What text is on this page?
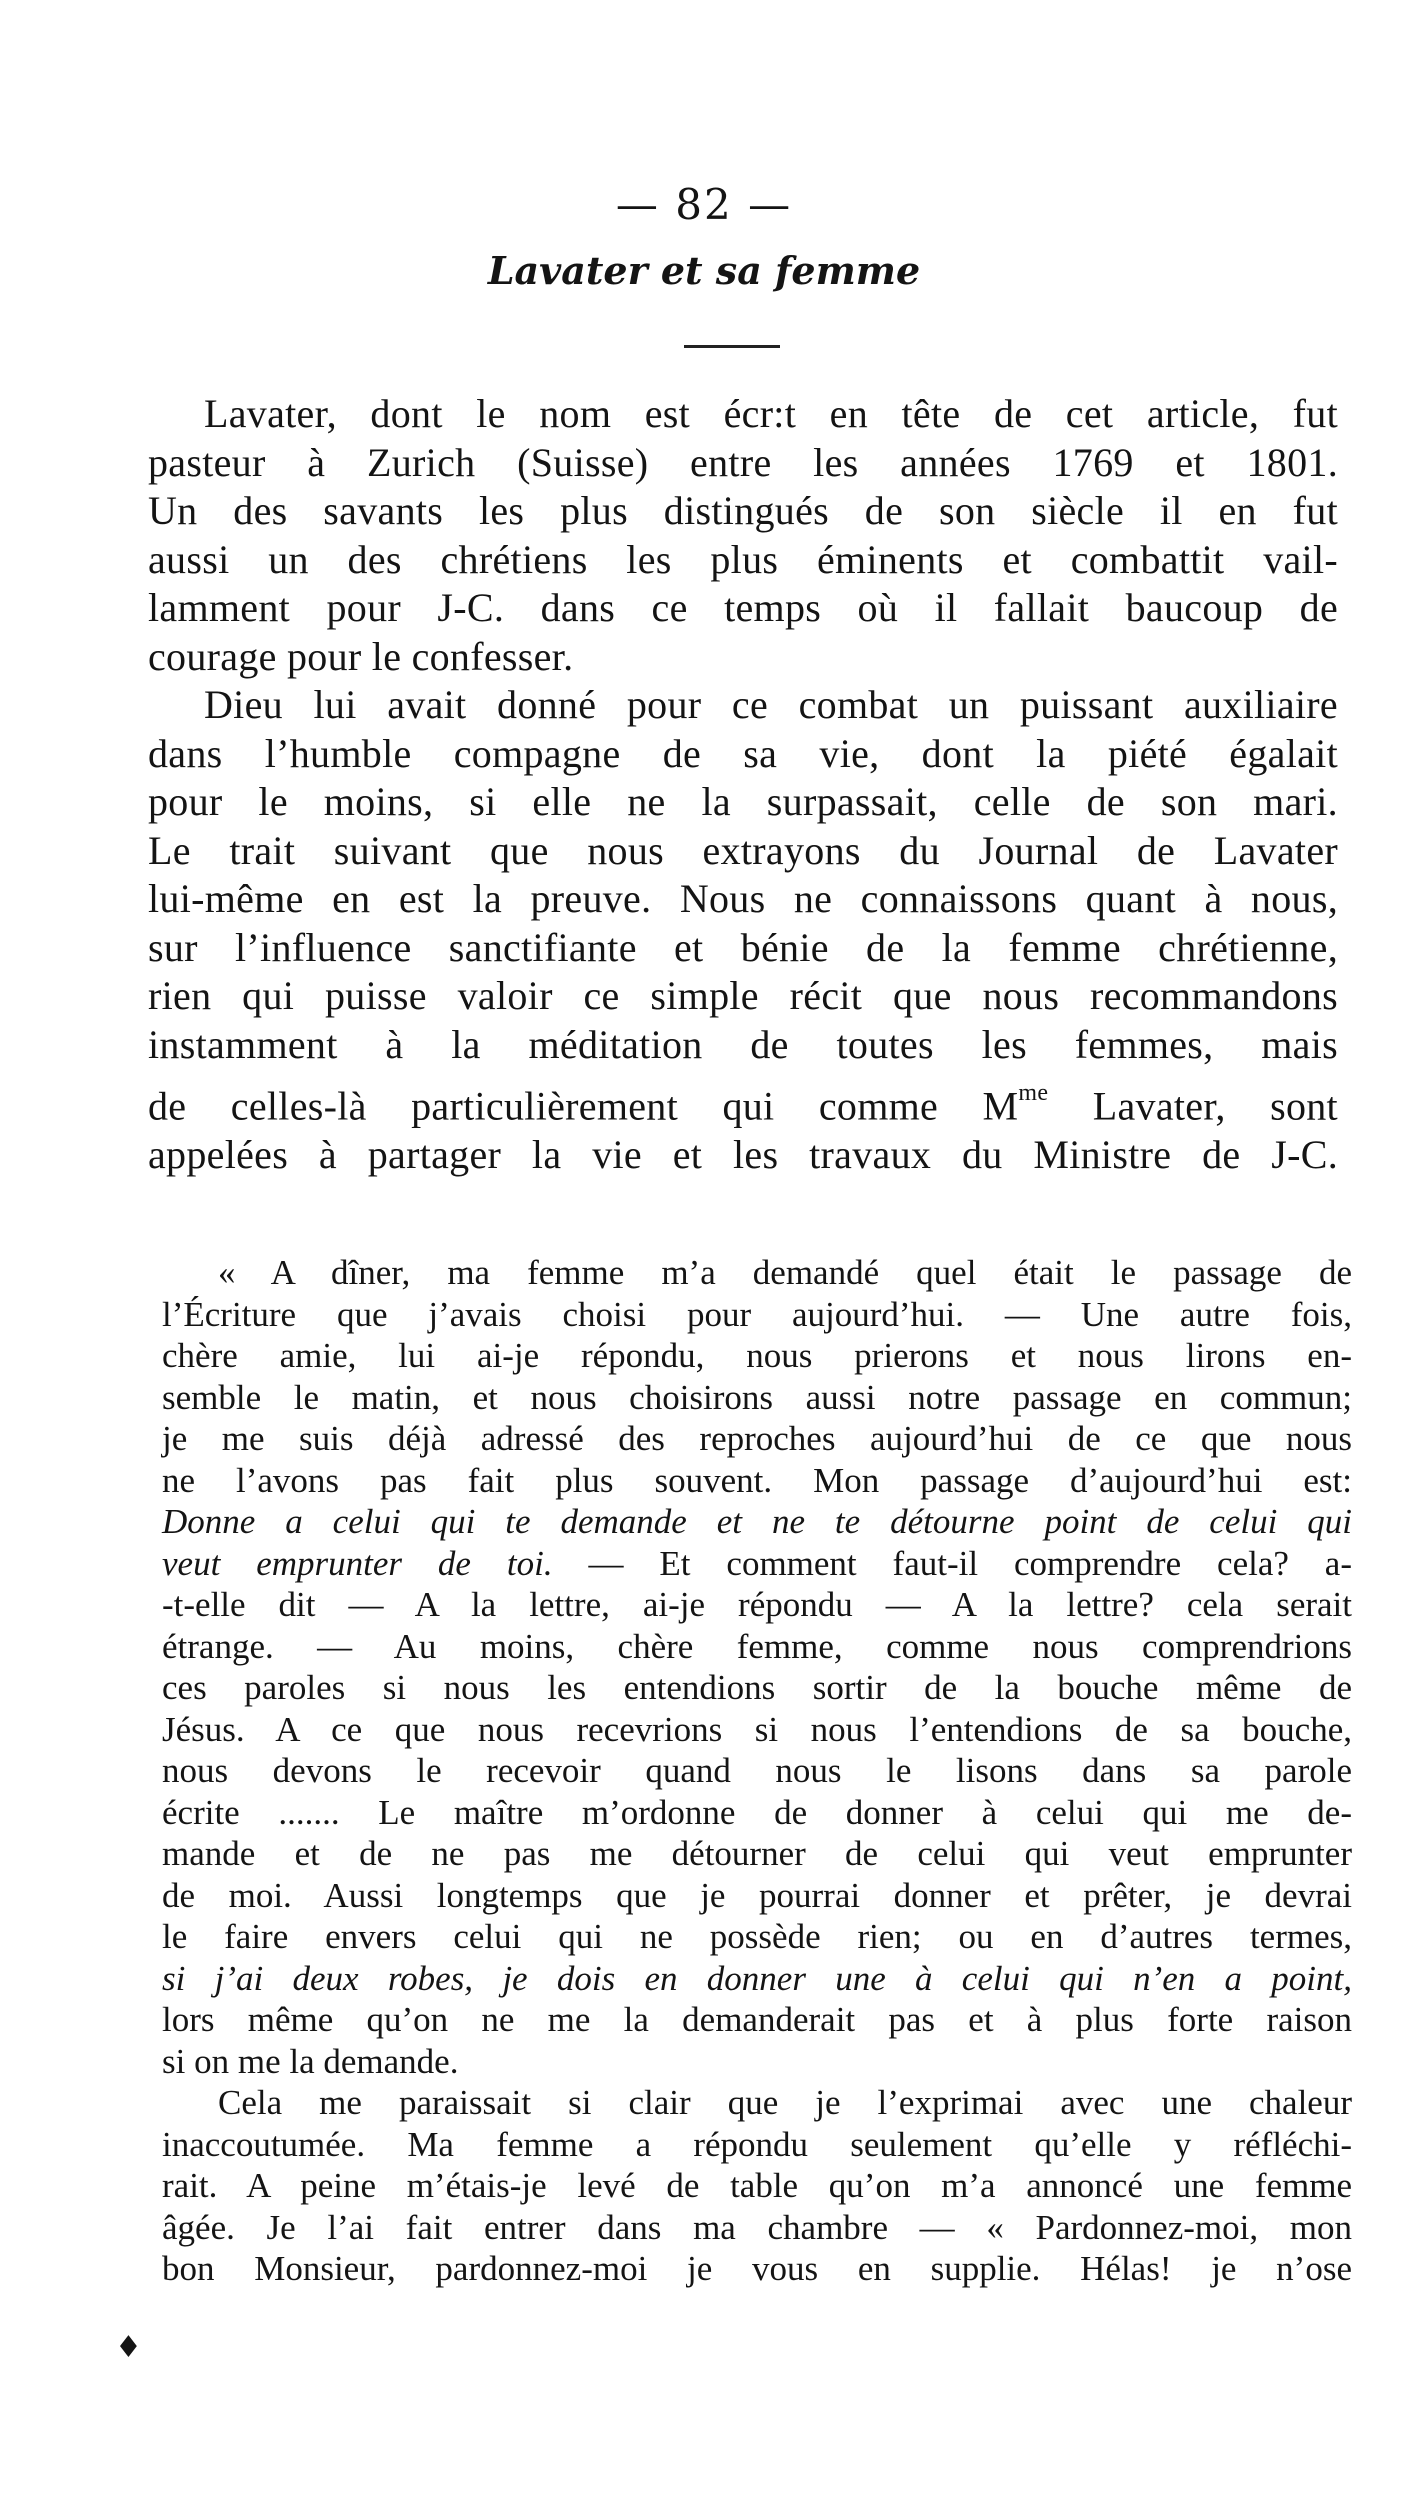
— 82 —
Lavater et sa femme
Lavater, dont le nom est écr:t en tête de cet article, fut
pasteur à Zurich (Suisse) entre les années 1769 et 1801.
Un des savants les plus distingués de son siècle il en fut
aussi un des chrétiens les plus éminents et combattit vail-
lamment pour J-C. dans ce temps où il fallait baucoup de
courage pour le confesser.
Dieu lui avait donné pour ce combat un puissant auxiliaire
dans l’humble compagne de sa vie, dont la piété égalait
pour le moins, si elle ne la surpassait, celle de son mari.
Le trait suivant que nous extrayons du Journal de Lavater
lui-même en est la preuve. Nous ne connaissons quant à nous,
sur l’influence sanctifiante et bénie de la femme chrétienne,
rien qui puisse valoir ce simple récit que nous recommandons
instamment à la méditation de toutes les femmes, mais
de celles-là particulièrement qui comme $M^{me}$ Lavater, sont
appelées à partager la vie et les travaux du Ministre de J-C.
« A dîner, ma femme m’a demandé quel était le passage de
l’Écriture que j’avais choisi pour aujourd’hui. — Une autre fois,
chère amie, lui ai-je répondu, nous prierons et nous lirons en-
semble le matin, et nous choisirons aussi notre passage en commun;
je me suis déjà adressé des reproches aujourd’hui de ce que nous
ne l’avons pas fait plus souvent. Mon passage d’aujourd’hui est:
Donne a celui qui te demande et ne te détourne point de celui qui
veut emprunter de toi. — Et comment faut-il comprendre cela? a-
-t-elle dit — A la lettre, ai-je répondu — A la lettre? cela serait
étrange. — Au moins, chère femme, comme nous comprendrions
ces paroles si nous les entendions sortir de la bouche même de
Jésus. A ce que nous recevrions si nous l’entendions de sa bouche,
nous devons le recevoir quand nous le lisons dans sa parole
écrite ....... Le maître m’ordonne de donner à celui qui me de-
mande et de ne pas me détourner de celui qui veut emprunter
de moi. Aussi longtemps que je pourrai donner et prêter, je devrai
le faire envers celui qui ne possède rien; ou en d’autres termes,
si j’ai deux robes, je dois en donner une à celui qui n’en a point,
lors même qu’on ne me la demanderait pas et à plus forte raison
si on me la demande.
Cela me paraissait si clair que je l’exprimai avec une chaleur
inaccoutumée. Ma femme a répondu seulement qu’elle y réfléchi-
rait. A peine m’étais-je levé de table qu’on m’a annoncé une femme
âgée. Je l’ai fait entrer dans ma chambre — « Pardonnez-moi, mon
bon Monsieur, pardonnez-moi je vous en supplie. Hélas! je n’ose
♦
